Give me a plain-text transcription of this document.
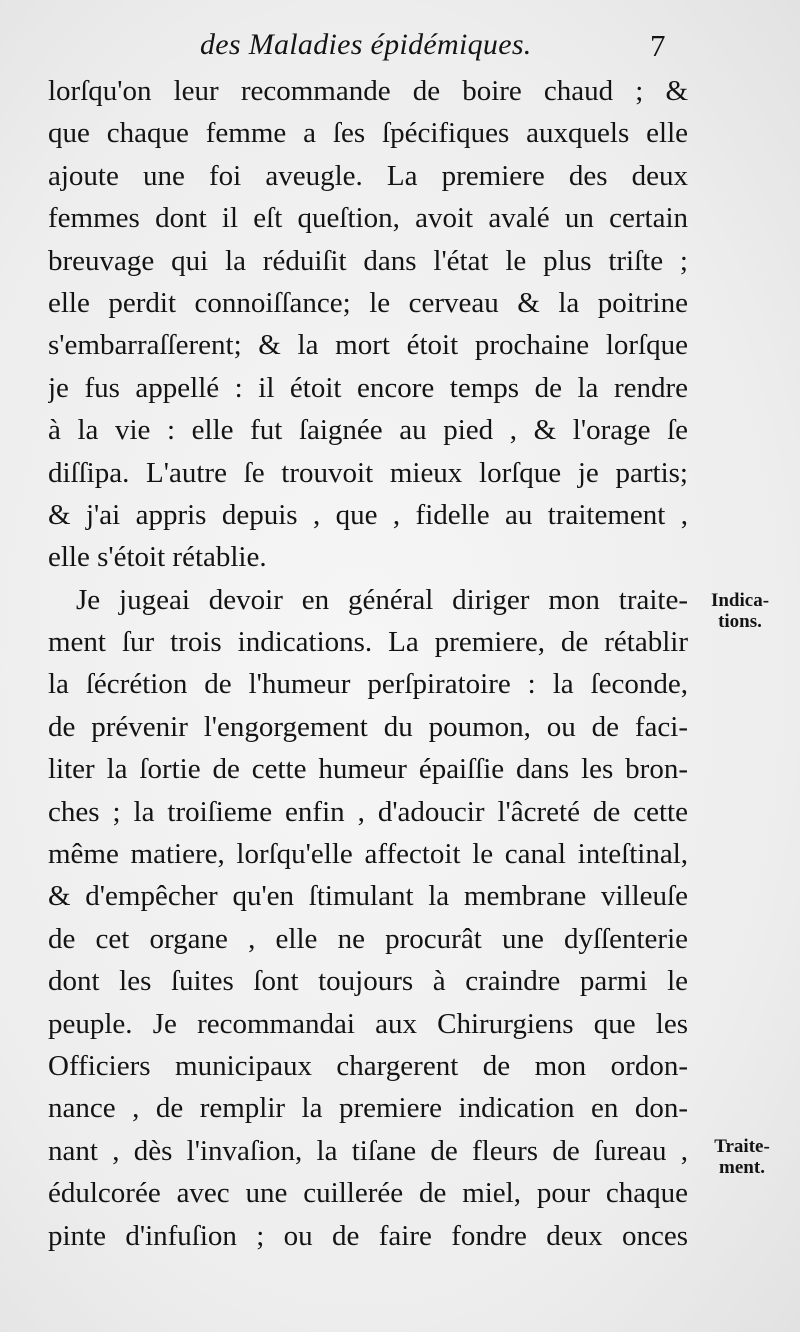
des Maladies épidémiques.	7
lorſqu'on leur recommande de boire chaud ; &
que chaque femme a ſes ſpécifiques auxquels elle
ajoute une foi aveugle. La premiere des deux
femmes dont il eſt queſtion, avoit avalé un certain
breuvage qui la réduiſit dans l'état le plus triſte ;
elle perdit connoiſſance; le cerveau & la poitrine
s'embarraſſerent; & la mort étoit prochaine lorſque
je fus appellé : il étoit encore temps de la rendre
à la vie : elle fut ſaignée au pied , & l'orage ſe
diſſipa. L'autre ſe trouvoit mieux lorſque je partis;
& j'ai appris depuis , que , fidelle au traitement ,
elle s'étoit rétablie.
Je jugeai devoir en général diriger mon traite-
ment ſur trois indications. La premiere, de rétablir
la ſécrétion de l'humeur perſpiratoire : la ſeconde,
de prévenir l'engorgement du poumon, ou de faci-
liter la ſortie de cette humeur épaiſſie dans les bron-
ches ; la troiſieme enfin , d'adoucir l'âcreté de cette
même matiere, lorſqu'elle affectoit le canal inteſtinal,
& d'empêcher qu'en ſtimulant la membrane villeuſe
de cet organe , elle ne procurât une dyſſenterie
dont les ſuites ſont toujours à craindre parmi le
peuple. Je recommandai aux Chirurgiens que les
Officiers municipaux chargerent de mon ordon-
nance , de remplir la premiere indication en don-
nant , dès l'invaſion, la tiſane de fleurs de ſureau ,
édulcorée avec une cuillerée de miel, pour chaque
pinte d'infuſion ; ou de faire fondre deux onces
Indica-
tions.
Traite-
ment.
